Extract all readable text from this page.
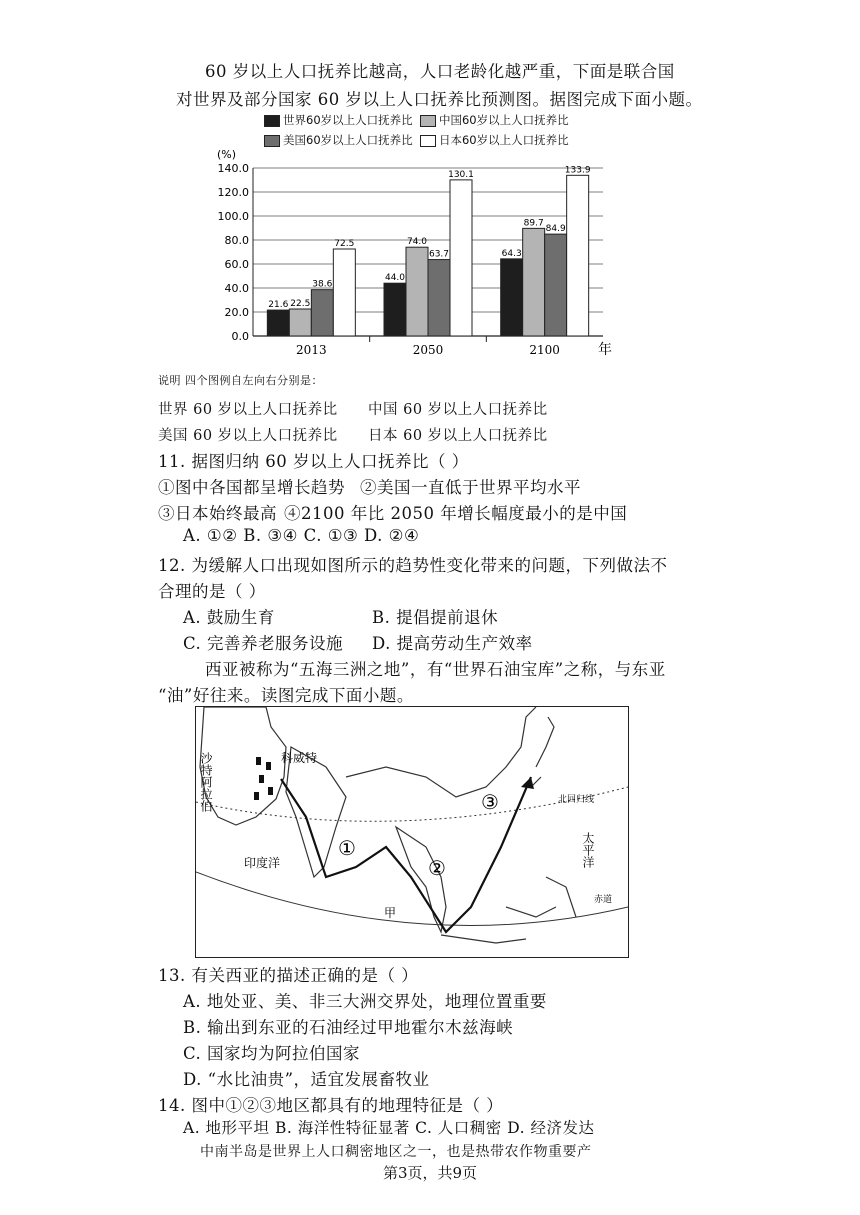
60 岁以上人口抚养比越高，人口老龄化越严重，下面是联合国
对世界及部分国家 60 岁以上人口抚养比预测图。据图完成下面小题。
世界60岁以上人口抚养比 中国60岁以上人口抚养比
美国60岁以上人口抚养比 日本60岁以上人口抚养比
(%)
0.0
20.0
40.0
60.0
80.0
100.0
120.0
140.0
21.6 22.5
38.6
72.5
2013
44.0
74.0
63.7
130.1
2050
64.3
89.7
84.9
133.9
2100	年
说明 四个图例自左向右分别是：
世界 60 岁以上人口抚养比 中国 60 岁以上人口抚养比
美国 60 岁以上人口抚养比 日本 60 岁以上人口抚养比
11. 据图归纳 60 岁以上人口抚养比（ ）
①图中各国都呈增长趋势 ②美国一直低于世界平均水平
③日本始终最高 ④2100 年比 2050 年增长幅度最小的是中国
A. ①② B. ③④ C. ①③ D. ②④
12. 为缓解人口出现如图所示的趋势性变化带来的问题，下列做法不
合理的是（ ）
A. 鼓励生育	B. 提倡提前退休
C. 完善养老服务设施 D. 提高劳动生产效率
西亚被称为“五海三洲之地”，有“世界石油宝库”之称，与东亚
“油”好往来。读图完成下面小题。
沙特阿拉伯	科威特
印度洋	太平洋
北回归线
赤道
甲
①
②
③
13. 有关西亚的描述正确的是（ ）
A. 地处亚、美、非三大洲交界处，地理位置重要
B. 输出到东亚的石油经过甲地霍尔木兹海峡
C. 国家均为阿拉伯国家
D. “水比油贵”，适宜发展畜牧业
14. 图中①②③地区都具有的地理特征是（ ）
A. 地形平坦 B. 海洋性特征显著 C. 人口稠密 D. 经济发达
中南半岛是世界上人口稠密地区之一，也是热带农作物重要产
第3页，共9页
